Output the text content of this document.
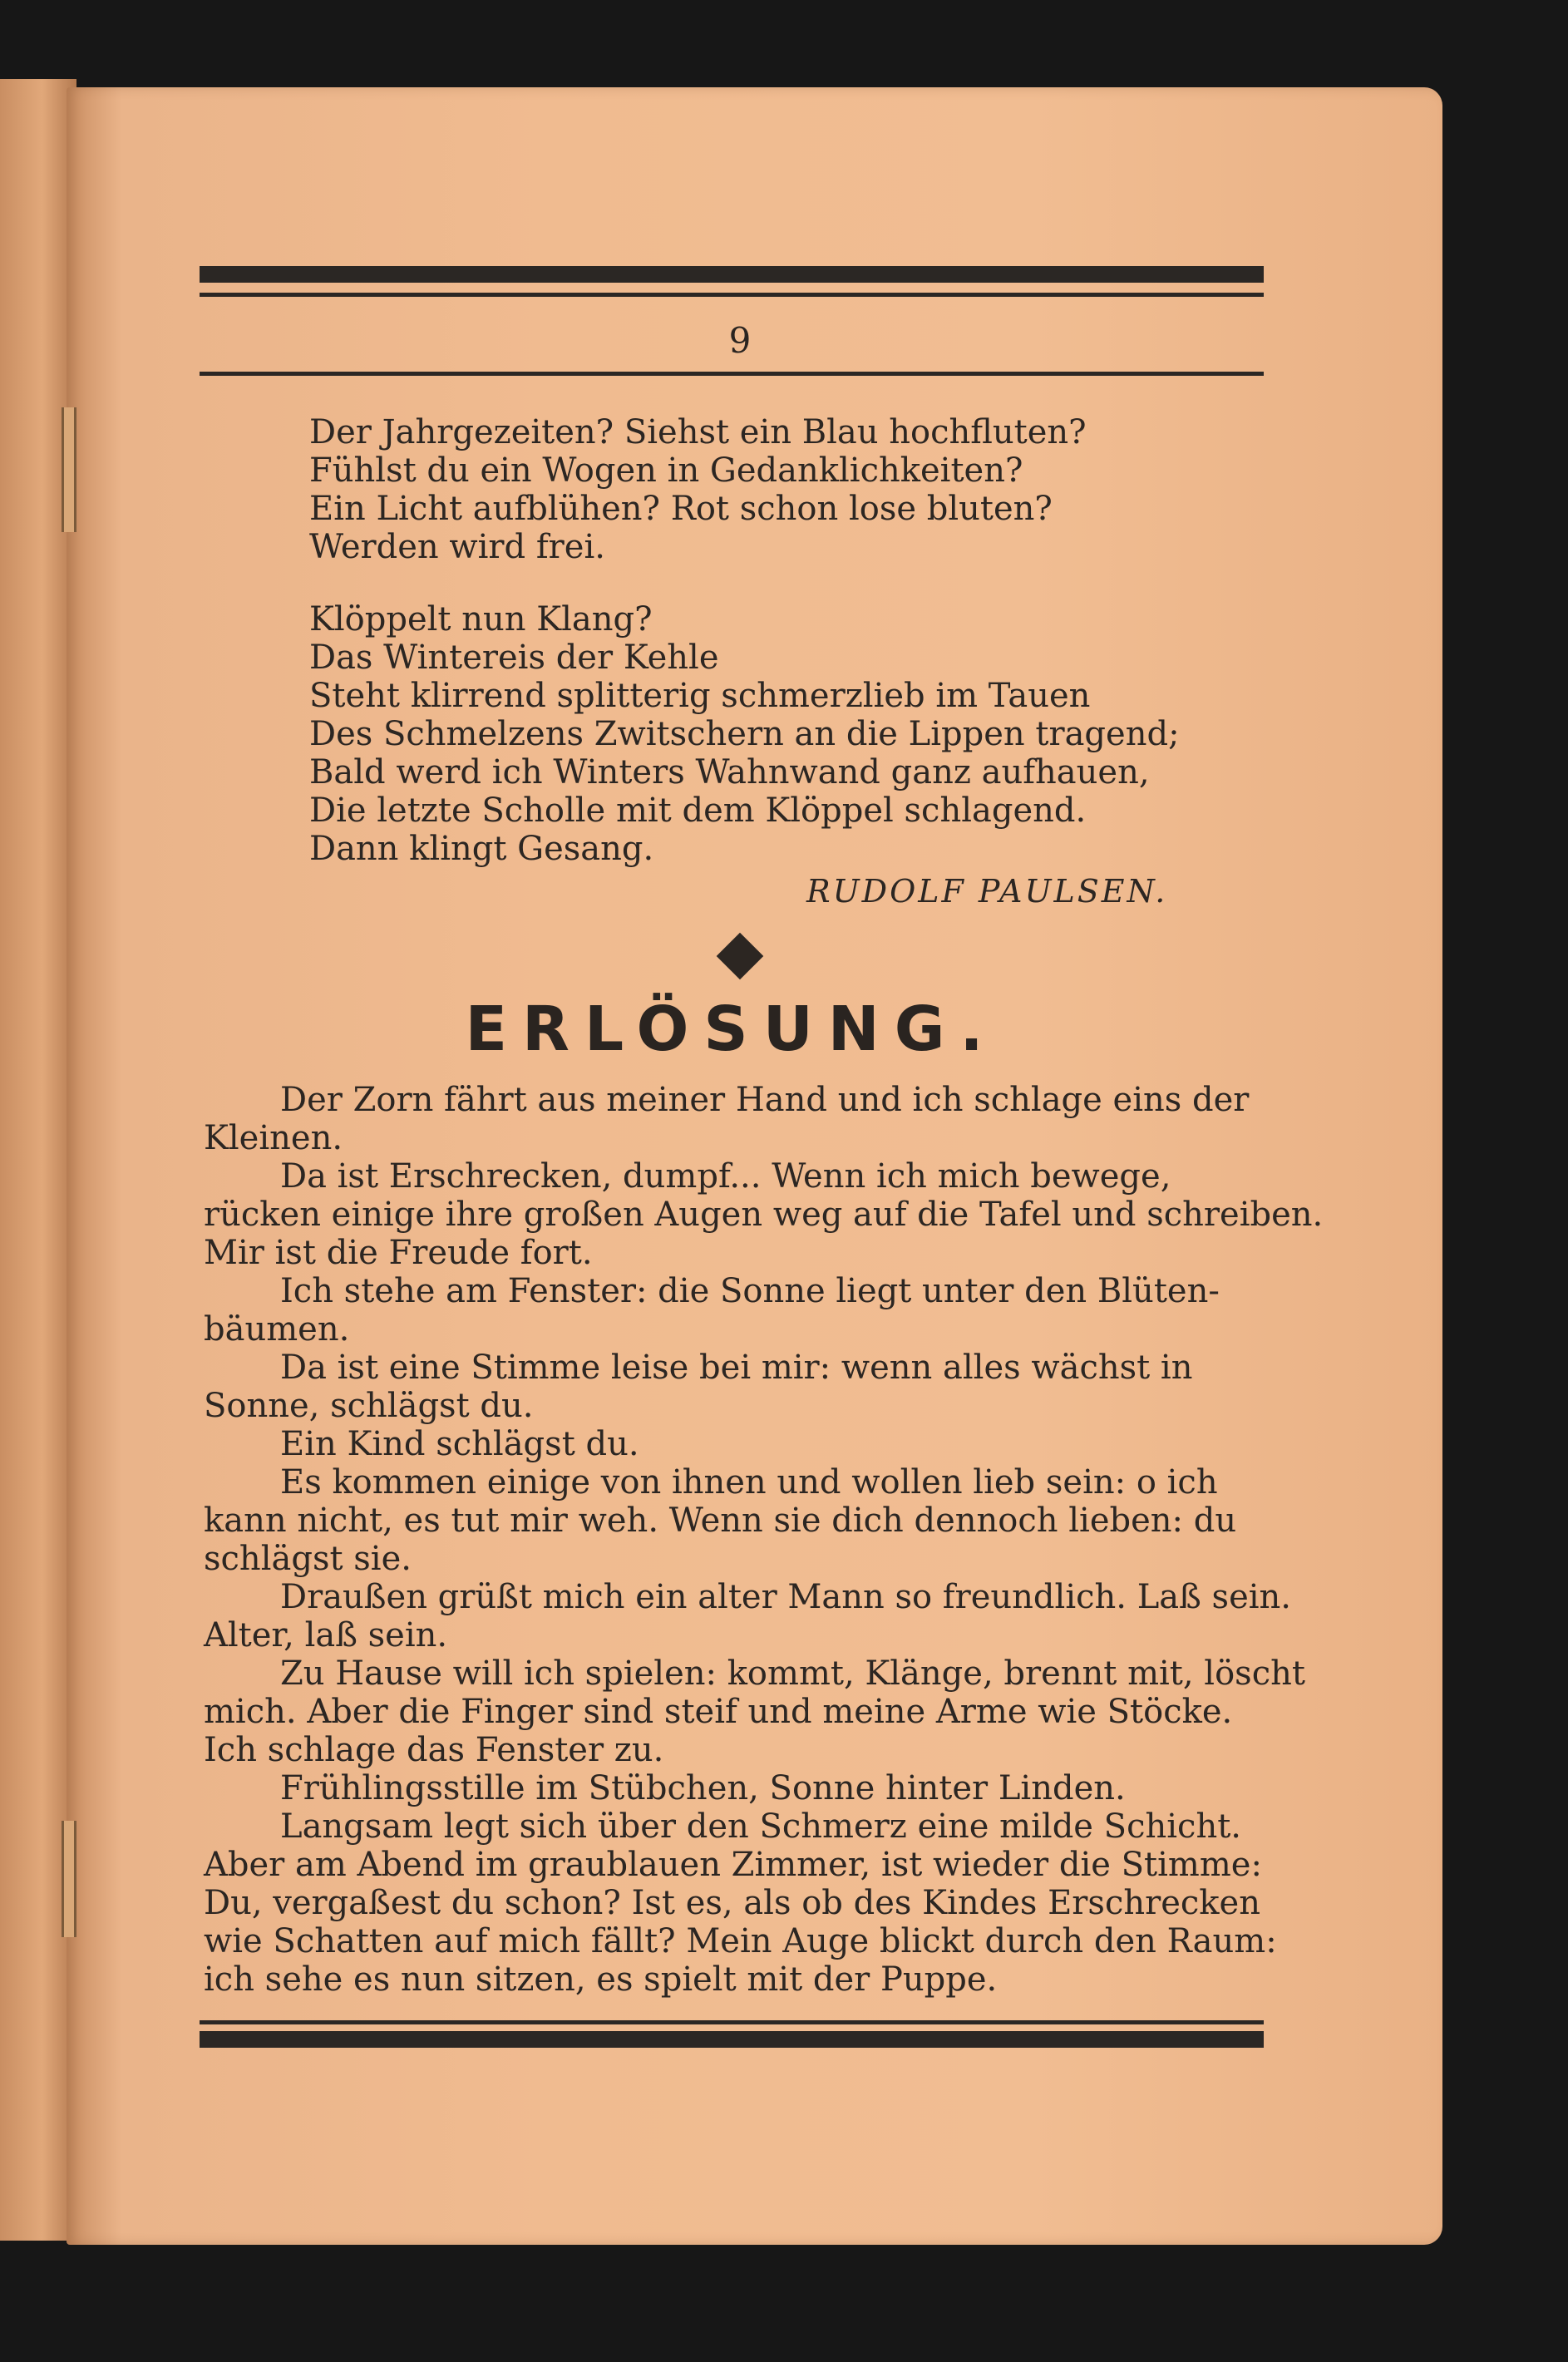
9
Der Jahrgezeiten? Siehst ein Blau hochfluten?
Fühlst du ein Wogen in Gedanklichkeiten?
Ein Licht aufblühen? Rot schon lose bluten?
Werden wird frei.
Klöppelt nun Klang?
Das Wintereis der Kehle
Steht klirrend splitterig schmerzlieb im Tauen
Des Schmelzens Zwitschern an die Lippen tragend;
Bald werd ich Winters Wahnwand ganz aufhauen,
Die letzte Scholle mit dem Klöppel schlagend.
Dann klingt Gesang.
RUDOLF PAULSEN.
ERLÖSUNG.
Der Zorn fährt aus meiner Hand und ich schlage eins der
Kleinen.
Da ist Erschrecken, dumpf... Wenn ich mich bewege,
rücken einige ihre großen Augen weg auf die Tafel und schreiben.
Mir ist die Freude fort.
Ich stehe am Fenster: die Sonne liegt unter den Blüten-
bäumen.
Da ist eine Stimme leise bei mir: wenn alles wächst in
Sonne, schlägst du.
Ein Kind schlägst du.
Es kommen einige von ihnen und wollen lieb sein: o ich
kann nicht, es tut mir weh. Wenn sie dich dennoch lieben: du
schlägst sie.
Draußen grüßt mich ein alter Mann so freundlich. Laß sein.
Alter, laß sein.
Zu Hause will ich spielen: kommt, Klänge, brennt mit, löscht
mich. Aber die Finger sind steif und meine Arme wie Stöcke.
Ich schlage das Fenster zu.
Frühlingsstille im Stübchen, Sonne hinter Linden.
Langsam legt sich über den Schmerz eine milde Schicht.
Aber am Abend im graublauen Zimmer, ist wieder die Stimme:
Du, vergaßest du schon? Ist es, als ob des Kindes Erschrecken
wie Schatten auf mich fällt? Mein Auge blickt durch den Raum:
ich sehe es nun sitzen, es spielt mit der Puppe.
